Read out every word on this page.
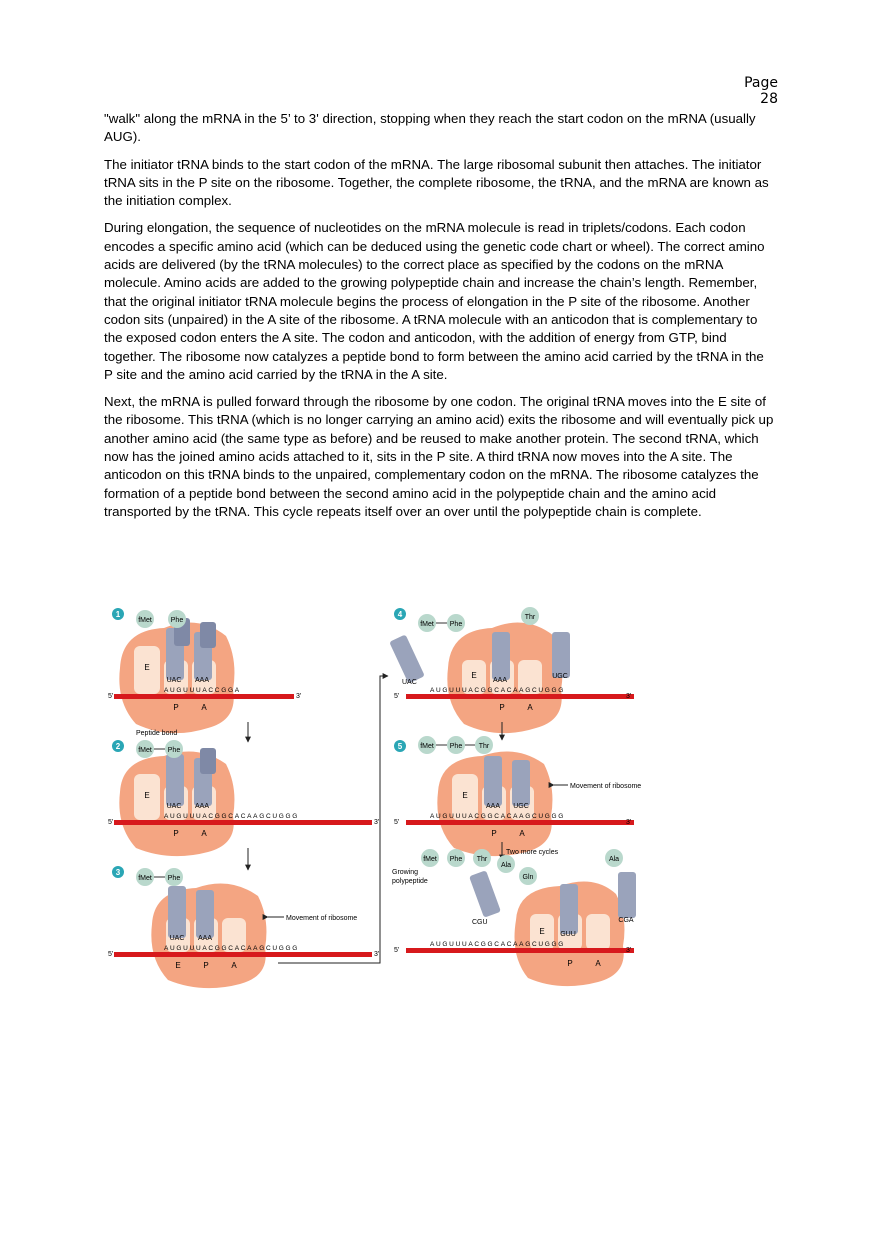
Page 28

"walk" along the mRNA in the 5’ to 3' direction, stopping when they reach the start codon on the mRNA (usually AUG).

The initiator tRNA binds to the start codon of the mRNA. The large ribosomal subunit then attaches. The initiator tRNA sits in the P site on the ribosome. Together, the complete ribosome, the tRNA, and the mRNA are known as the initiation complex.

During elongation, the sequence of nucleotides on the mRNA molecule is read in triplets/codons. Each codon encodes a specific amino acid (which can be deduced using the genetic code chart or wheel). The correct amino acids are delivered (by the tRNA molecules) to the correct place as specified by the codons on the mRNA molecule. Amino acids are added to the growing polypeptide chain and increase the chain’s length. Remember, that the original initiator tRNA molecule begins the process of elongation in the P site of the ribosome. Another codon sits (unpaired) in the A site of the ribosome. A tRNA molecule with an anticodon that is complementary to the exposed codon enters the A site. The codon and anticodon, with the addition of energy from GTP, bind together. The ribosome now catalyzes a peptide bond to form between the amino acid carried by the tRNA in the P site and the amino acid carried by the tRNA in the A site.

Next, the mRNA is pulled forward through the ribosome by one codon. The original tRNA moves into the E site of the ribosome. This tRNA (which is no longer carrying an amino acid) exits the ribosome and will eventually pick up another amino acid (the same type as before) and be reused to make another protein. The second tRNA, which now has the joined amino acids attached to it, sits in the P site. A third tRNA now moves into the A site. The anticodon on this tRNA binds to the unpaired, complementary codon on the mRNA. The ribosome catalyzes the formation of a peptide bond between the second amino acid in the polypeptide chain and the amino acid transported by the tRNA. This cycle repeats itself over an over until the polypeptide chain is complete.

1
E
P	A
fMet	Phe
UAC AAA
AUGUUUACCGGA
5'	3'
2
Peptide bond
E
P	A
fMet Phe
UAC AAA
AUGUUUACGGCACAAGCUGGG
5'	3'
3
E	P	A
fMet Phe
UAC AAA
Movement of ribosome
AUGUUUACGGCACAAGCUGGG
5'	3'
4
E
P	A
fMet Phe
Thr
UAC	AAA
UGC
AUGUUUACGGCACAAGCUGGG
5'	3'
5
E
P	A
fMet Phe Thr
AAA UGC
Movement of ribosome
AUGUUUACGGCACAAGCUGGG
5'	3'
Two more cycles
Growing
polypeptide
fMet Phe Thr
Ala
Gln
Ala
E
P	A
CGU
GUU
CGA
AUGUUUACGGCACAAGCUGGG
5'	3'
